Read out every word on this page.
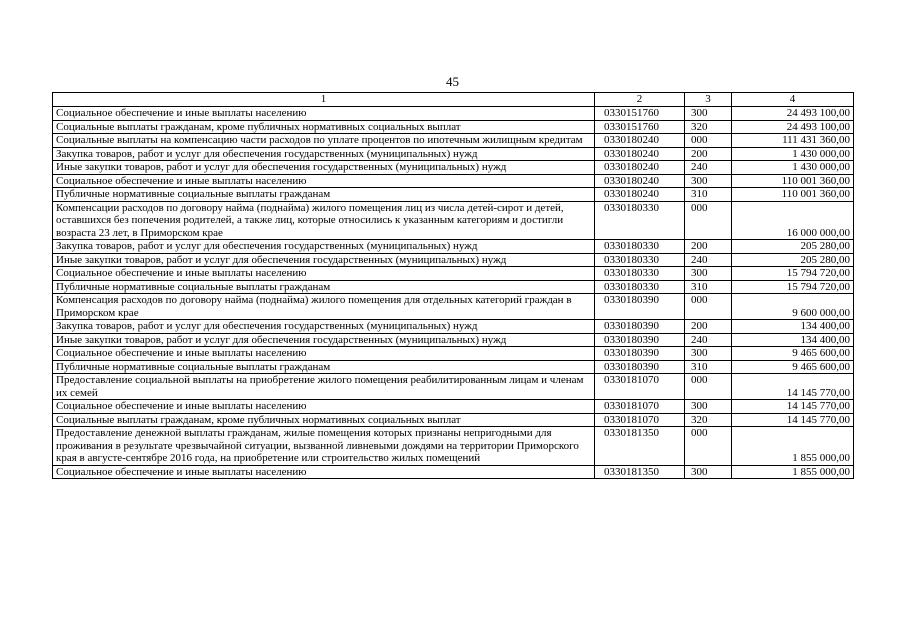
45
1	2	3	4
Социальное обеспечение и иные выплаты населению	0330151760	300	24 493 100,00
Социальные выплаты гражданам, кроме публичных нормативных социальных выплат	0330151760	320	24 493 100,00
Социальные выплаты на компенсацию части расходов по уплате процентов по ипотечным жилищным кредитам	0330180240	000	111 431 360,00
Закупка товаров, работ и услуг для обеспечения государственных (муниципальных) нужд	0330180240	200	1 430 000,00
Иные закупки товаров, работ и услуг для обеспечения государственных (муниципальных) нужд	0330180240	240	1 430 000,00
Социальное обеспечение и иные выплаты населению	0330180240	300	110 001 360,00
Публичные нормативные социальные выплаты гражданам	0330180240	310	110 001 360,00
Компенсации расходов по договору найма (поднайма) жилого помещения лиц из числа детей-сирот и детей, оставшихся без попечения родителей, а также лиц, которые относились к указанным категориям и достигли возраста 23 лет, в Приморском крае	0330180330	000	16 000 000,00
Закупка товаров, работ и услуг для обеспечения государственных (муниципальных) нужд	0330180330	200	205 280,00
Иные закупки товаров, работ и услуг для обеспечения государственных (муниципальных) нужд	0330180330	240	205 280,00
Социальное обеспечение и иные выплаты населению	0330180330	300	15 794 720,00
Публичные нормативные социальные выплаты гражданам	0330180330	310	15 794 720,00
Компенсация расходов по договору найма (поднайма) жилого помещения для отдельных категорий граждан в Приморском крае	0330180390	000	9 600 000,00
Закупка товаров, работ и услуг для обеспечения государственных (муниципальных) нужд	0330180390	200	134 400,00
Иные закупки товаров, работ и услуг для обеспечения государственных (муниципальных) нужд	0330180390	240	134 400,00
Социальное обеспечение и иные выплаты населению	0330180390	300	9 465 600,00
Публичные нормативные социальные выплаты гражданам	0330180390	310	9 465 600,00
Предоставление социальной выплаты на приобретение жилого помещения реабилитированным лицам и членам их семей	0330181070	000	14 145 770,00
Социальное обеспечение и иные выплаты населению	0330181070	300	14 145 770,00
Социальные выплаты гражданам, кроме публичных нормативных социальных выплат	0330181070	320	14 145 770,00
Предоставление денежной выплаты гражданам, жилые помещения которых признаны непригодными для проживания в результате чрезвычайной ситуации, вызванной ливневыми дождями на территории Приморского края в августе-сентябре 2016 года, на приобретение или строительство жилых помещений	0330181350	000	1 855 000,00
Социальное обеспечение и иные выплаты населению	0330181350	300	1 855 000,00
